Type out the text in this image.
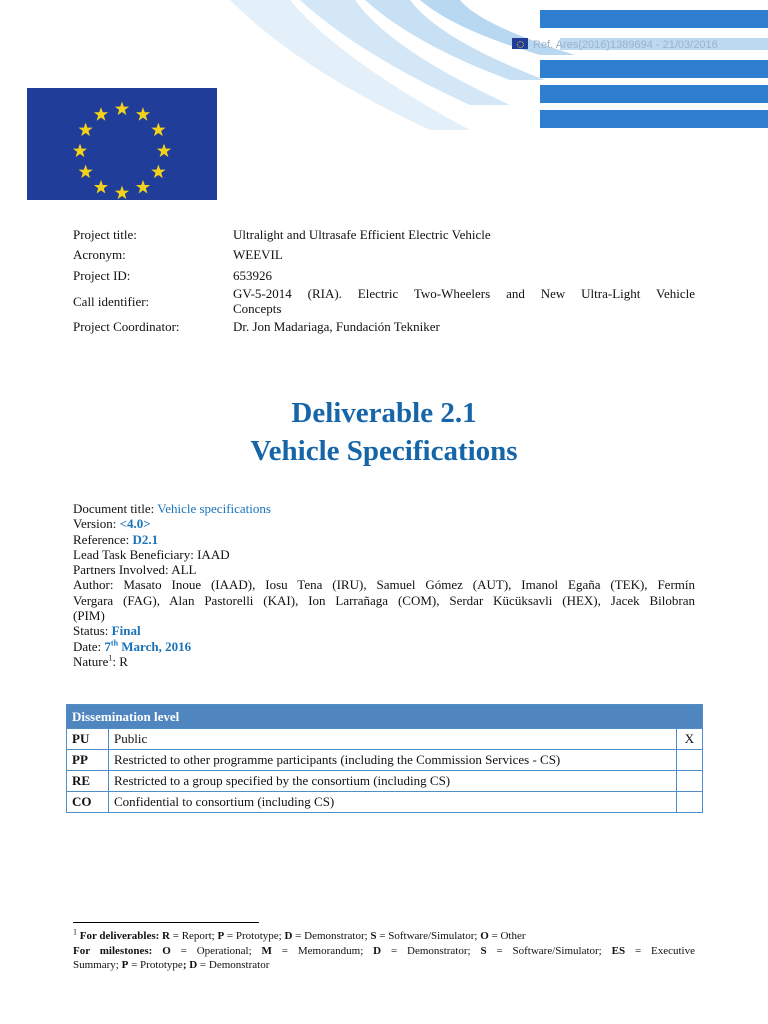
Ref. Ares(2016)1389694 - 21/03/2016
Project title:	Ultralight and Ultrasafe Efficient Electric Vehicle
Acronym:	WEEVIL
Project ID:	653926
Call identifier:
GV-5-2014 (RIA). Electric Two-Wheelers and New Ultra-Light Vehicle
Concepts
Project Coordinator:	Dr. Jon Madariaga, Fundación Tekniker
Deliverable 2.1
Vehicle Specifications
Document title: Vehicle specifications
Version: <4.0>
Reference: D2.1
Lead Task Beneficiary: IAAD
Partners Involved: ALL
Author: Masato Inoue (IAAD), Iosu Tena (IRU), Samuel Gómez (AUT), Imanol Egaña (TEK), Fermín
Vergara (FAG), Alan Pastorelli (KAI), Ion Larrañaga (COM), Serdar Kücüksavli (HEX), Jacek Bilobran
(PIM)
Status: Final
Date: 7th March, 2016
Nature$^1$: R
Dissemination level		
PU	Public	X
PP	Restricted to other programme participants (including the Commission Services - CS)	
RE	Restricted to a group specified by the consortium (including CS)	
CO	Confidential to consortium (including CS)	
$^1$ For deliverables: R = Report; P = Prototype; D = Demonstrator; S = Software/Simulator; O = Other
For milestones: O = Operational; M = Memorandum; D = Demonstrator; S = Software/Simulator; ES = Executive
Summary; P = Prototype; D = Demonstrator
